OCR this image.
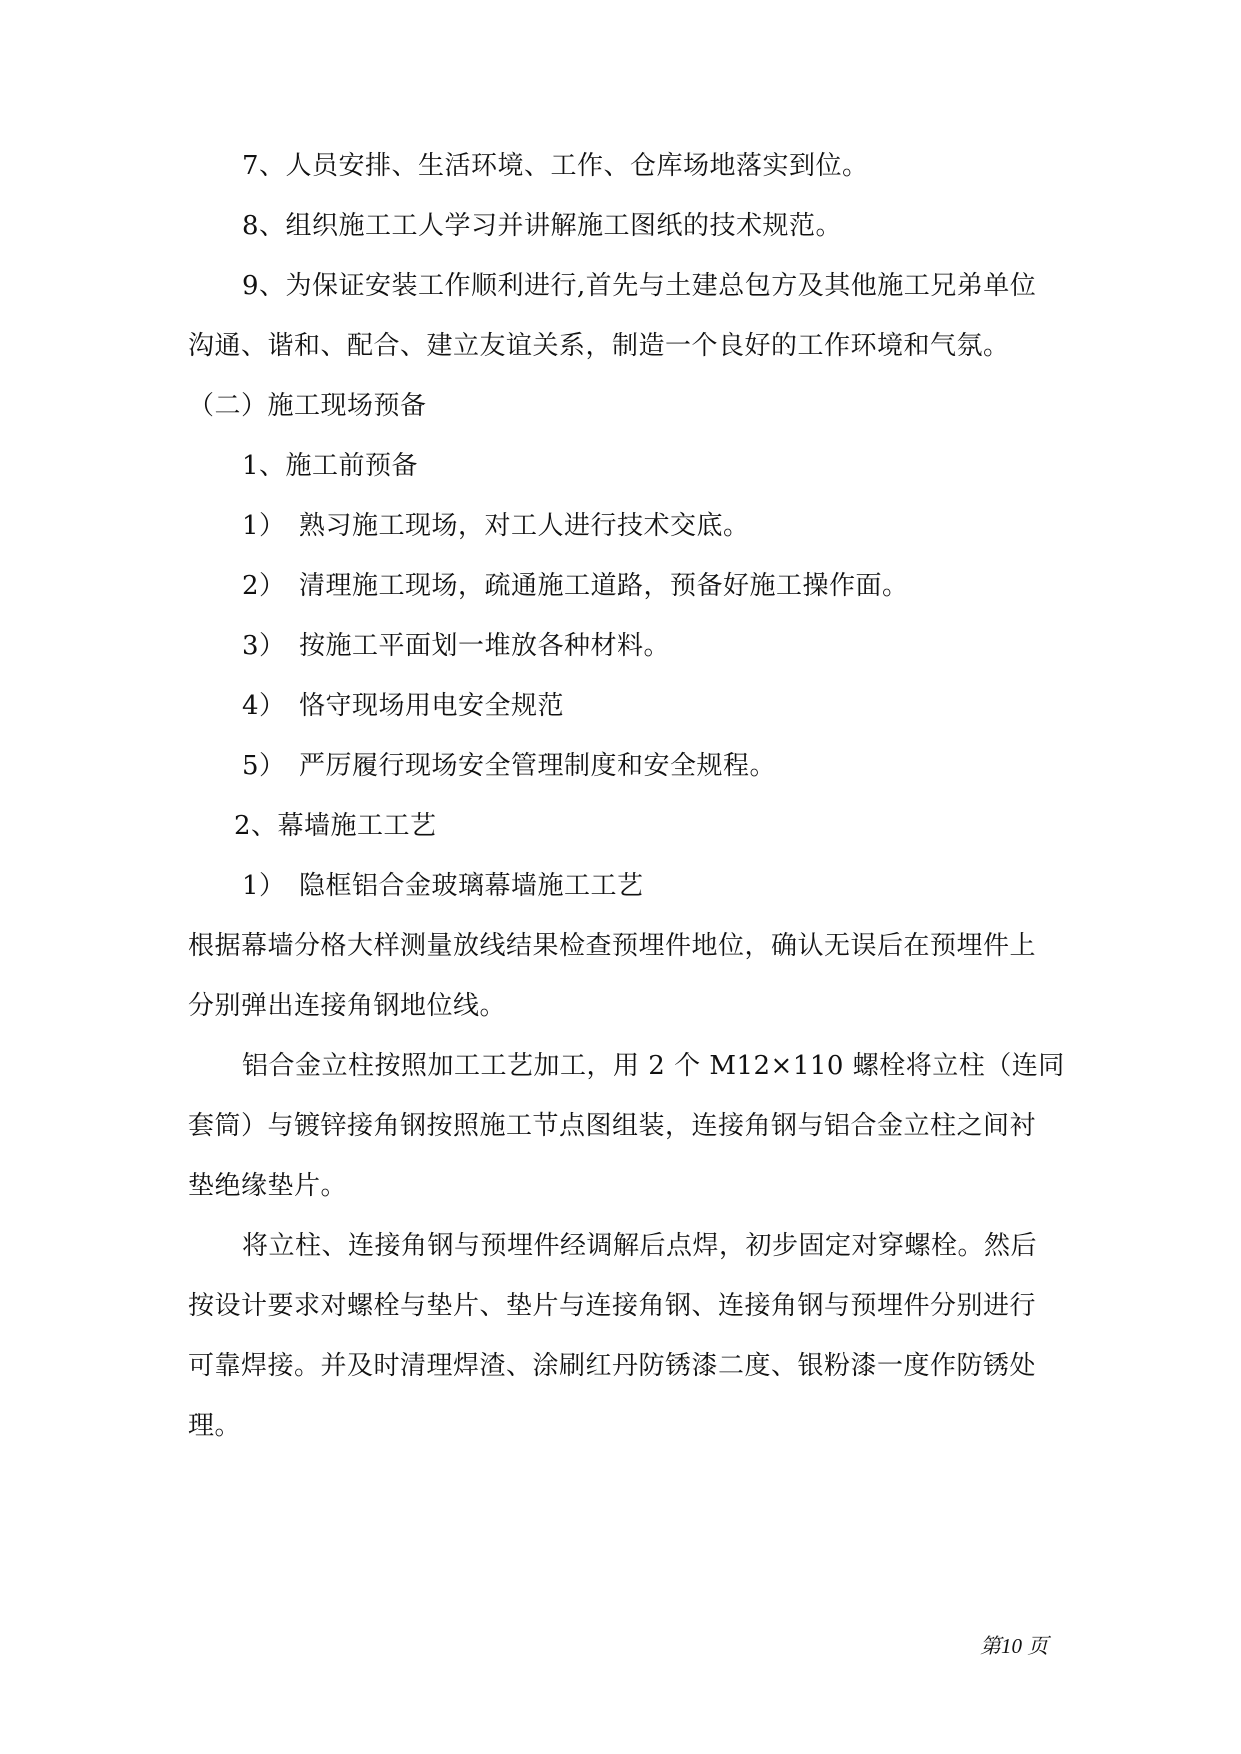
7、人员安排、生活环境、工作、仓库场地落实到位。
8、组织施工工人学习并讲解施工图纸的技术规范。
9、为保证安装工作顺利进行,首先与土建总包方及其他施工兄弟单位
沟通、谐和、配合、建立友谊关系，制造一个良好的工作环境和气氛。
（二）施工现场预备
1、施工前预备
1）　熟习施工现场，对工人进行技术交底。
2）　清理施工现场，疏通施工道路，预备好施工操作面。
3）　按施工平面划一堆放各种材料。
4）　恪守现场用电安全规范
5）　严厉履行现场安全管理制度和安全规程。
2、幕墙施工工艺
1）　隐框铝合金玻璃幕墙施工工艺
根据幕墙分格大样测量放线结果检查预埋件地位，确认无误后在预埋件上
分别弹出连接角钢地位线。
铝合金立柱按照加工工艺加工，用 2 个 M12×110 螺栓将立柱（连同
套筒）与镀锌接角钢按照施工节点图组装，连接角钢与铝合金立柱之间衬
垫绝缘垫片。
将立柱、连接角钢与预埋件经调解后点焊，初步固定对穿螺栓。然后
按设计要求对螺栓与垫片、垫片与连接角钢、连接角钢与预埋件分别进行
可靠焊接。并及时清理焊渣、涂刷红丹防锈漆二度、银粉漆一度作防锈处
理。
第10 页
